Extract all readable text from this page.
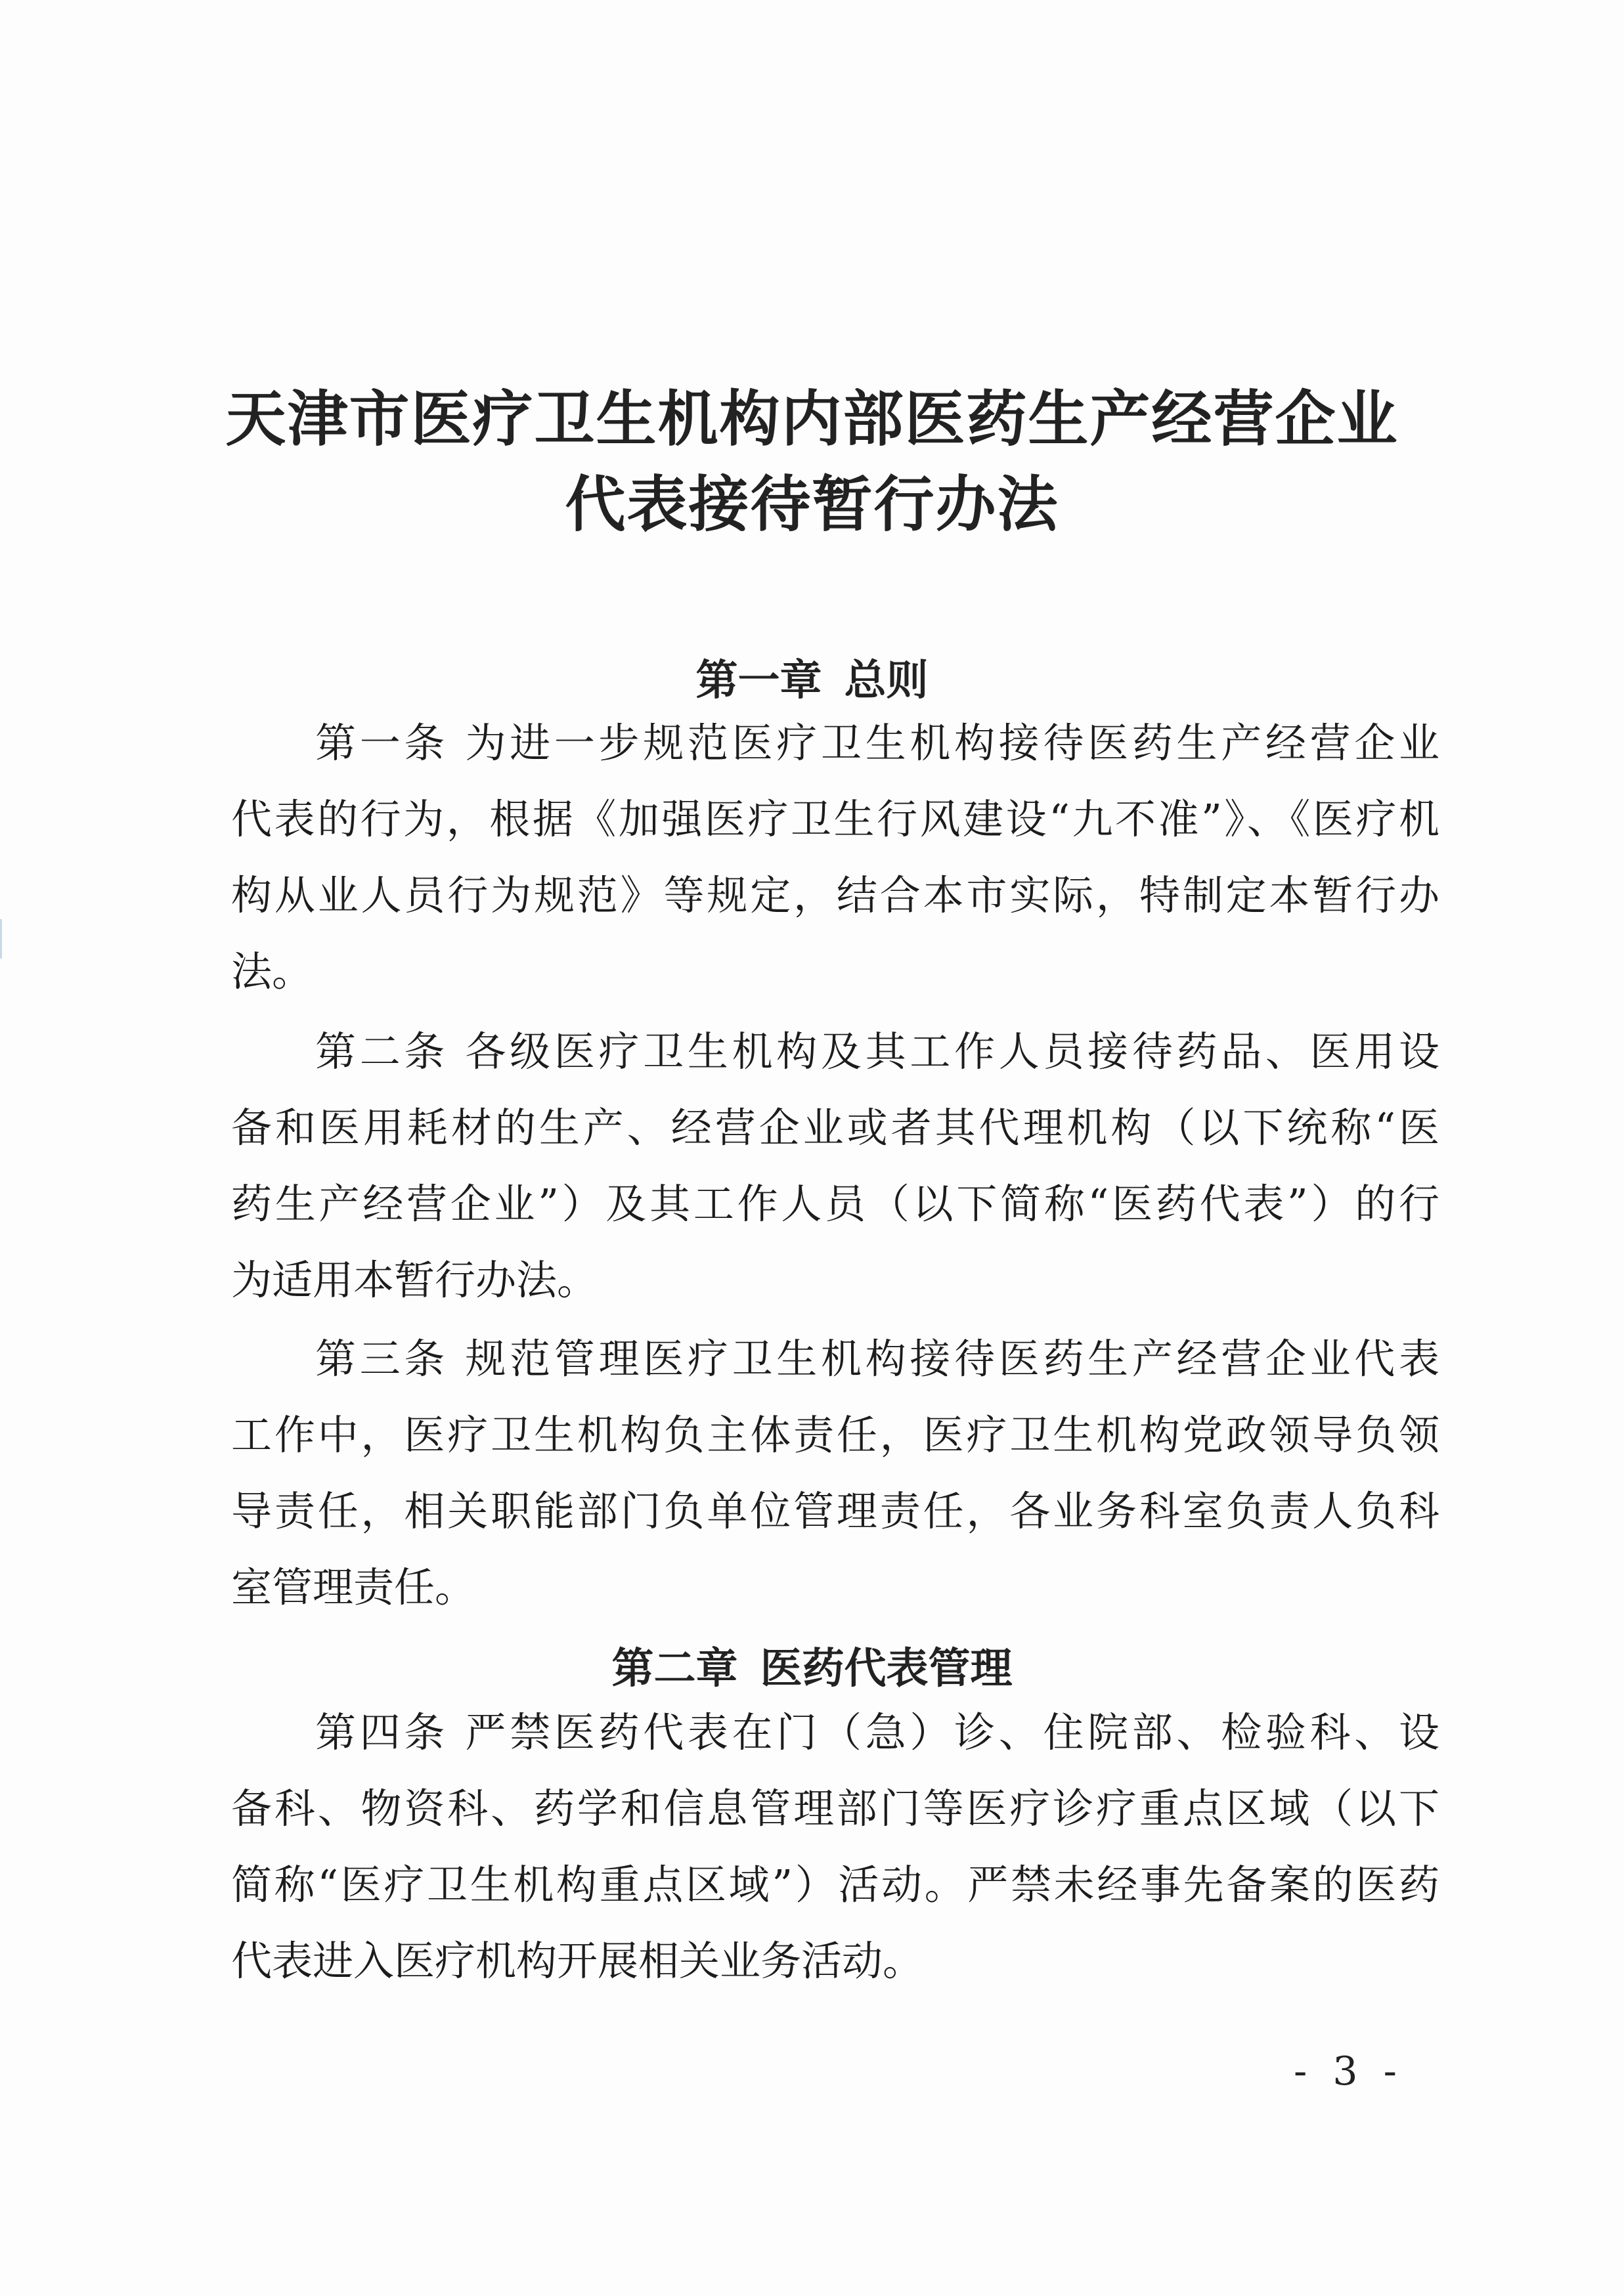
天津市医疗卫生机构内部医药生产经营企业
代表接待暂行办法
第一章 总则
第一条 为进一步规范医疗卫生机构接待医药生产经营企业
代表的行为，根据《加强医疗卫生行风建设“九不准”》、《医疗机
构从业人员行为规范》等规定，结合本市实际，特制定本暂行办
法。
第二条 各级医疗卫生机构及其工作人员接待药品、医用设
备和医用耗材的生产、经营企业或者其代理机构（以下统称“医
药生产经营企业”）及其工作人员（以下简称“医药代表”）的行
为适用本暂行办法。
第三条 规范管理医疗卫生机构接待医药生产经营企业代表
工作中，医疗卫生机构负主体责任，医疗卫生机构党政领导负领
导责任，相关职能部门负单位管理责任，各业务科室负责人负科
室管理责任。
第二章 医药代表管理
第四条 严禁医药代表在门（急）诊、住院部、检验科、设
备科、物资科、药学和信息管理部门等医疗诊疗重点区域（以下
简称“医疗卫生机构重点区域”）活动。严禁未经事先备案的医药
代表进入医疗机构开展相关业务活动。
- 3 -
